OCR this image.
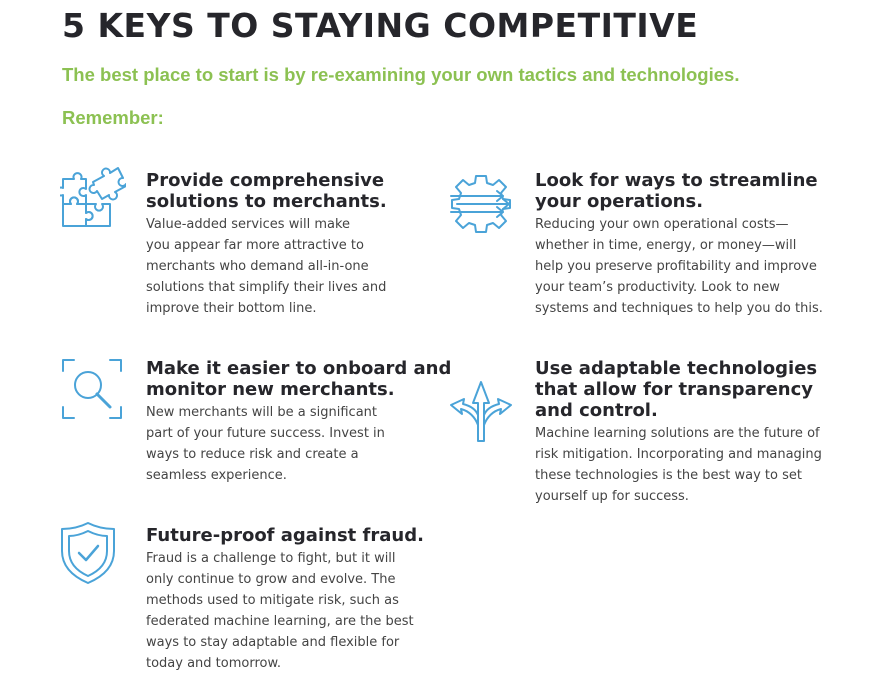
5 KEYS TO STAYING COMPETITIVE
The best place to start is by re-examining your own tactics and technologies.
Remember:
Provide comprehensive
solutions to merchants.

Value-added services will make
you appear far more attractive to
merchants who demand all-in-one
solutions that simplify their lives and
improve their bottom line.

Look for ways to streamline
your operations.

Reducing your own operational costs—
whether in time, energy, or money—will
help you preserve profitability and improve
your team’s productivity. Look to new
systems and techniques to help you do this.

Make it easier to onboard and
monitor new merchants.

New merchants will be a significant
part of your future success. Invest in
ways to reduce risk and create a
seamless experience.

Use adaptable technologies
that allow for transparency
and control.

Machine learning solutions are the future of
risk mitigation. Incorporating and managing
these technologies is the best way to set
yourself up for success.

Future-proof against fraud.

Fraud is a challenge to fight, but it will
only continue to grow and evolve. The
methods used to mitigate risk, such as
federated machine learning, are the best
ways to stay adaptable and flexible for
today and tomorrow.
